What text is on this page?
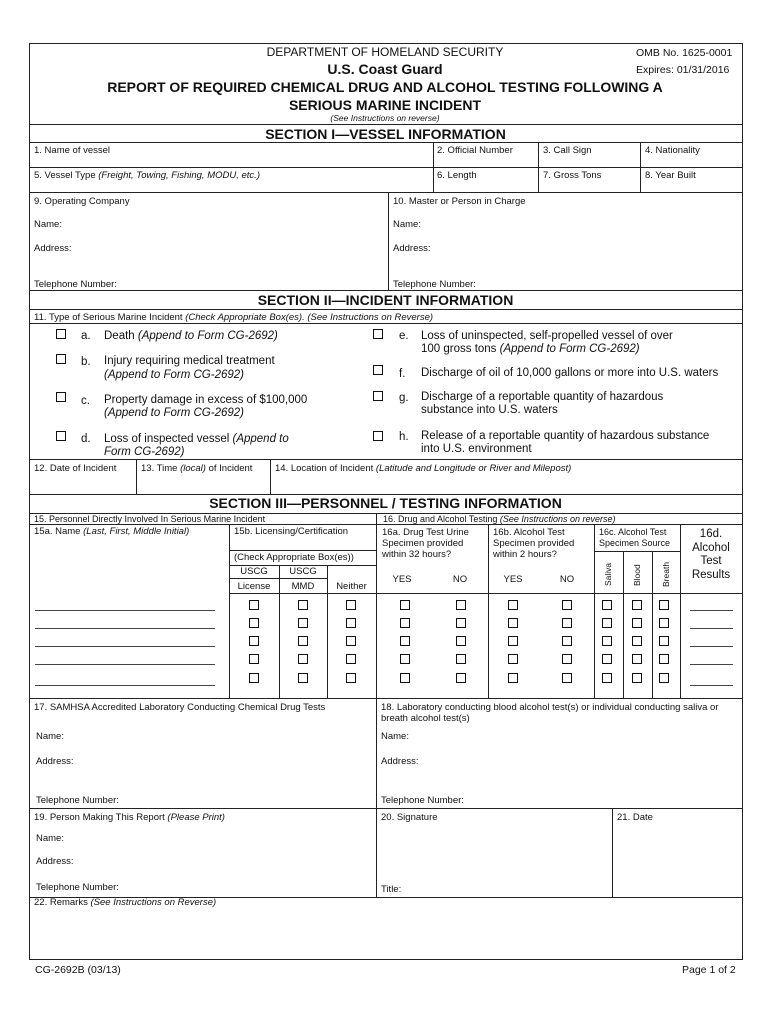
DEPARTMENT OF HOMELAND SECURITY
U.S. Coast Guard
REPORT OF REQUIRED CHEMICAL DRUG AND ALCOHOL TESTING FOLLOWING A
SERIOUS MARINE INCIDENT
(See Instructions on reverse)
OMB No. 1625-0001
Expires: 01/31/2016
SECTION I—VESSEL INFORMATION
1. Name of vessel	2. Official Number	3. Call Sign	4. Nationality
5. Vessel Type (Freight, Towing, Fishing, MODU, etc.)	6. Length	7. Gross Tons	8. Year Built
9. Operating Company
Name:
Address:
Telephone Number:
10. Master or Person in Charge
Name:
Address:
Telephone Number:
SECTION II—INCIDENT INFORMATION
11. Type of Serious Marine Incident (Check Appropriate Box(es). (See Instructions on Reverse)
a. Death (Append to Form CG-2692)
b. Injury requiring medical treatment
(Append to Form CG-2692)
c. Property damage in excess of $100,000
(Append to Form CG-2692)
d. Loss of inspected vessel (Append to
Form CG-2692)
e. Loss of uninspected, self-propelled vessel of over
100 gross tons (Append to Form CG-2692)
f. Discharge of oil of 10,000 gallons or more into U.S. waters
g. Discharge of a reportable quantity of hazardous
substance into U.S. waters
h. Release of a reportable quantity of hazardous substance
into U.S. environment
12. Date of Incident	13. Time (local) of Incident	14. Location of Incident (Latitude and Longitude or River and Milepost)
SECTION III—PERSONNEL / TESTING INFORMATION
15. Personnel Directly Involved In Serious Marine Incident	16. Drug and Alcohol Testing (See Instructions on reverse)
15a. Name (Last, First, Middle Initial)	15b. Licensing/Certification
(Check Appropriate Box(es))
USCG	USCG
License	MMD	Neither
16a. Drug Test Urine
Specimen provided
within 32 hours?
16b. Alcohol Test
Specimen provided
within 2 hours?
16c. Alcohol Test
Specimen Source
16d.
Alcohol
Test
Results
YES	NO	YES	NO	Saliva Blood Breath
17. SAMHSA Accredited Laboratory Conducting Chemical Drug Tests
Name:
Address:
Telephone Number:
18. Laboratory conducting blood alcohol test(s) or individual conducting saliva or
breath alcohol test(s)
Name:
Address:
Telephone Number:
19. Person Making This Report (Please Print)
Name:
Address:
Telephone Number:
20. Signature
Title:
21. Date
22. Remarks (See Instructions on Reverse)
CG-2692B (03/13)	Page 1 of 2
